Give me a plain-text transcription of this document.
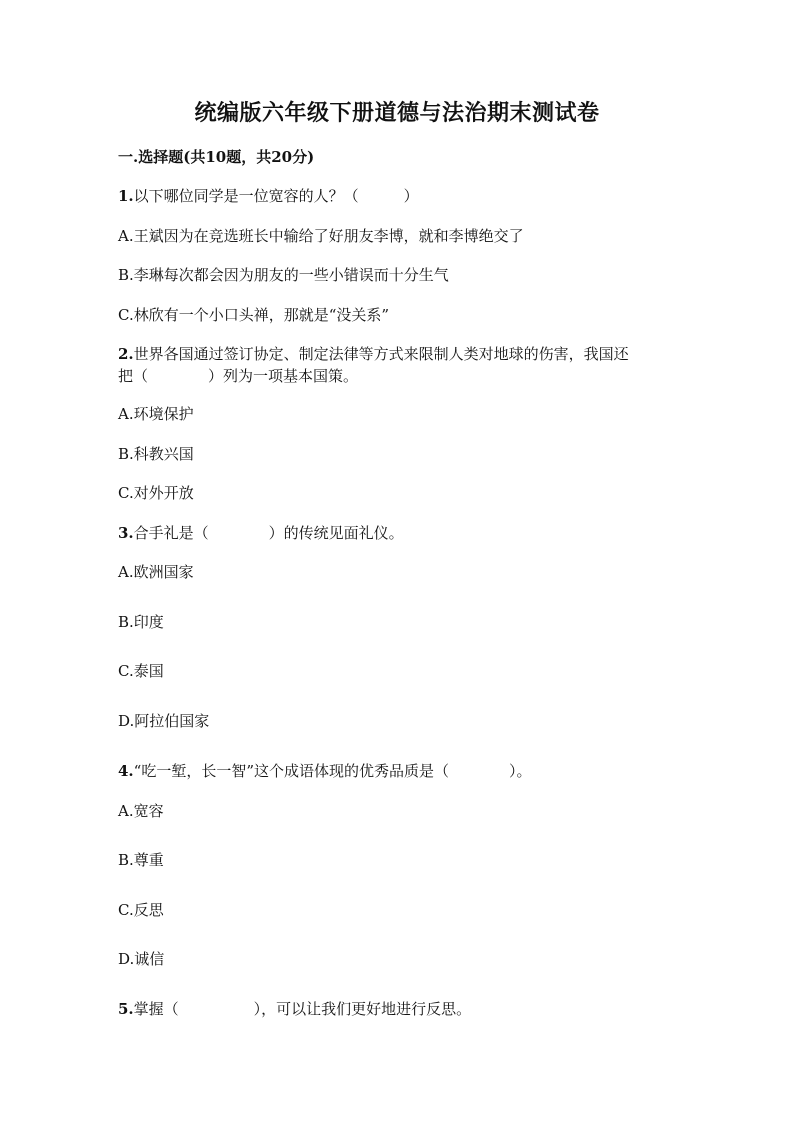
统编版六年级下册道德与法治期末测试卷
一.选择题(共10题，共20分)
1.以下哪位同学是一位宽容的人？（　　　）
A.王斌因为在竞选班长中输给了好朋友李博，就和李博绝交了
B.李琳每次都会因为朋友的一些小错误而十分生气
C.林欣有一个小口头禅，那就是“没关系”
2.世界各国通过签订协定、制定法律等方式来限制人类对地球的伤害，我国还
把（　　　　）列为一项基本国策。
A.环境保护
B.科教兴国
C.对外开放
3.合手礼是（　　　　）的传统见面礼仪。
A.欧洲国家
B.印度
C.泰国
D.阿拉伯国家
4.“吃一堑，长一智”这个成语体现的优秀品质是（　　　　）。
A.宽容
B.尊重
C.反思
D.诚信
5.掌握（　　　　　），可以让我们更好地进行反思。
